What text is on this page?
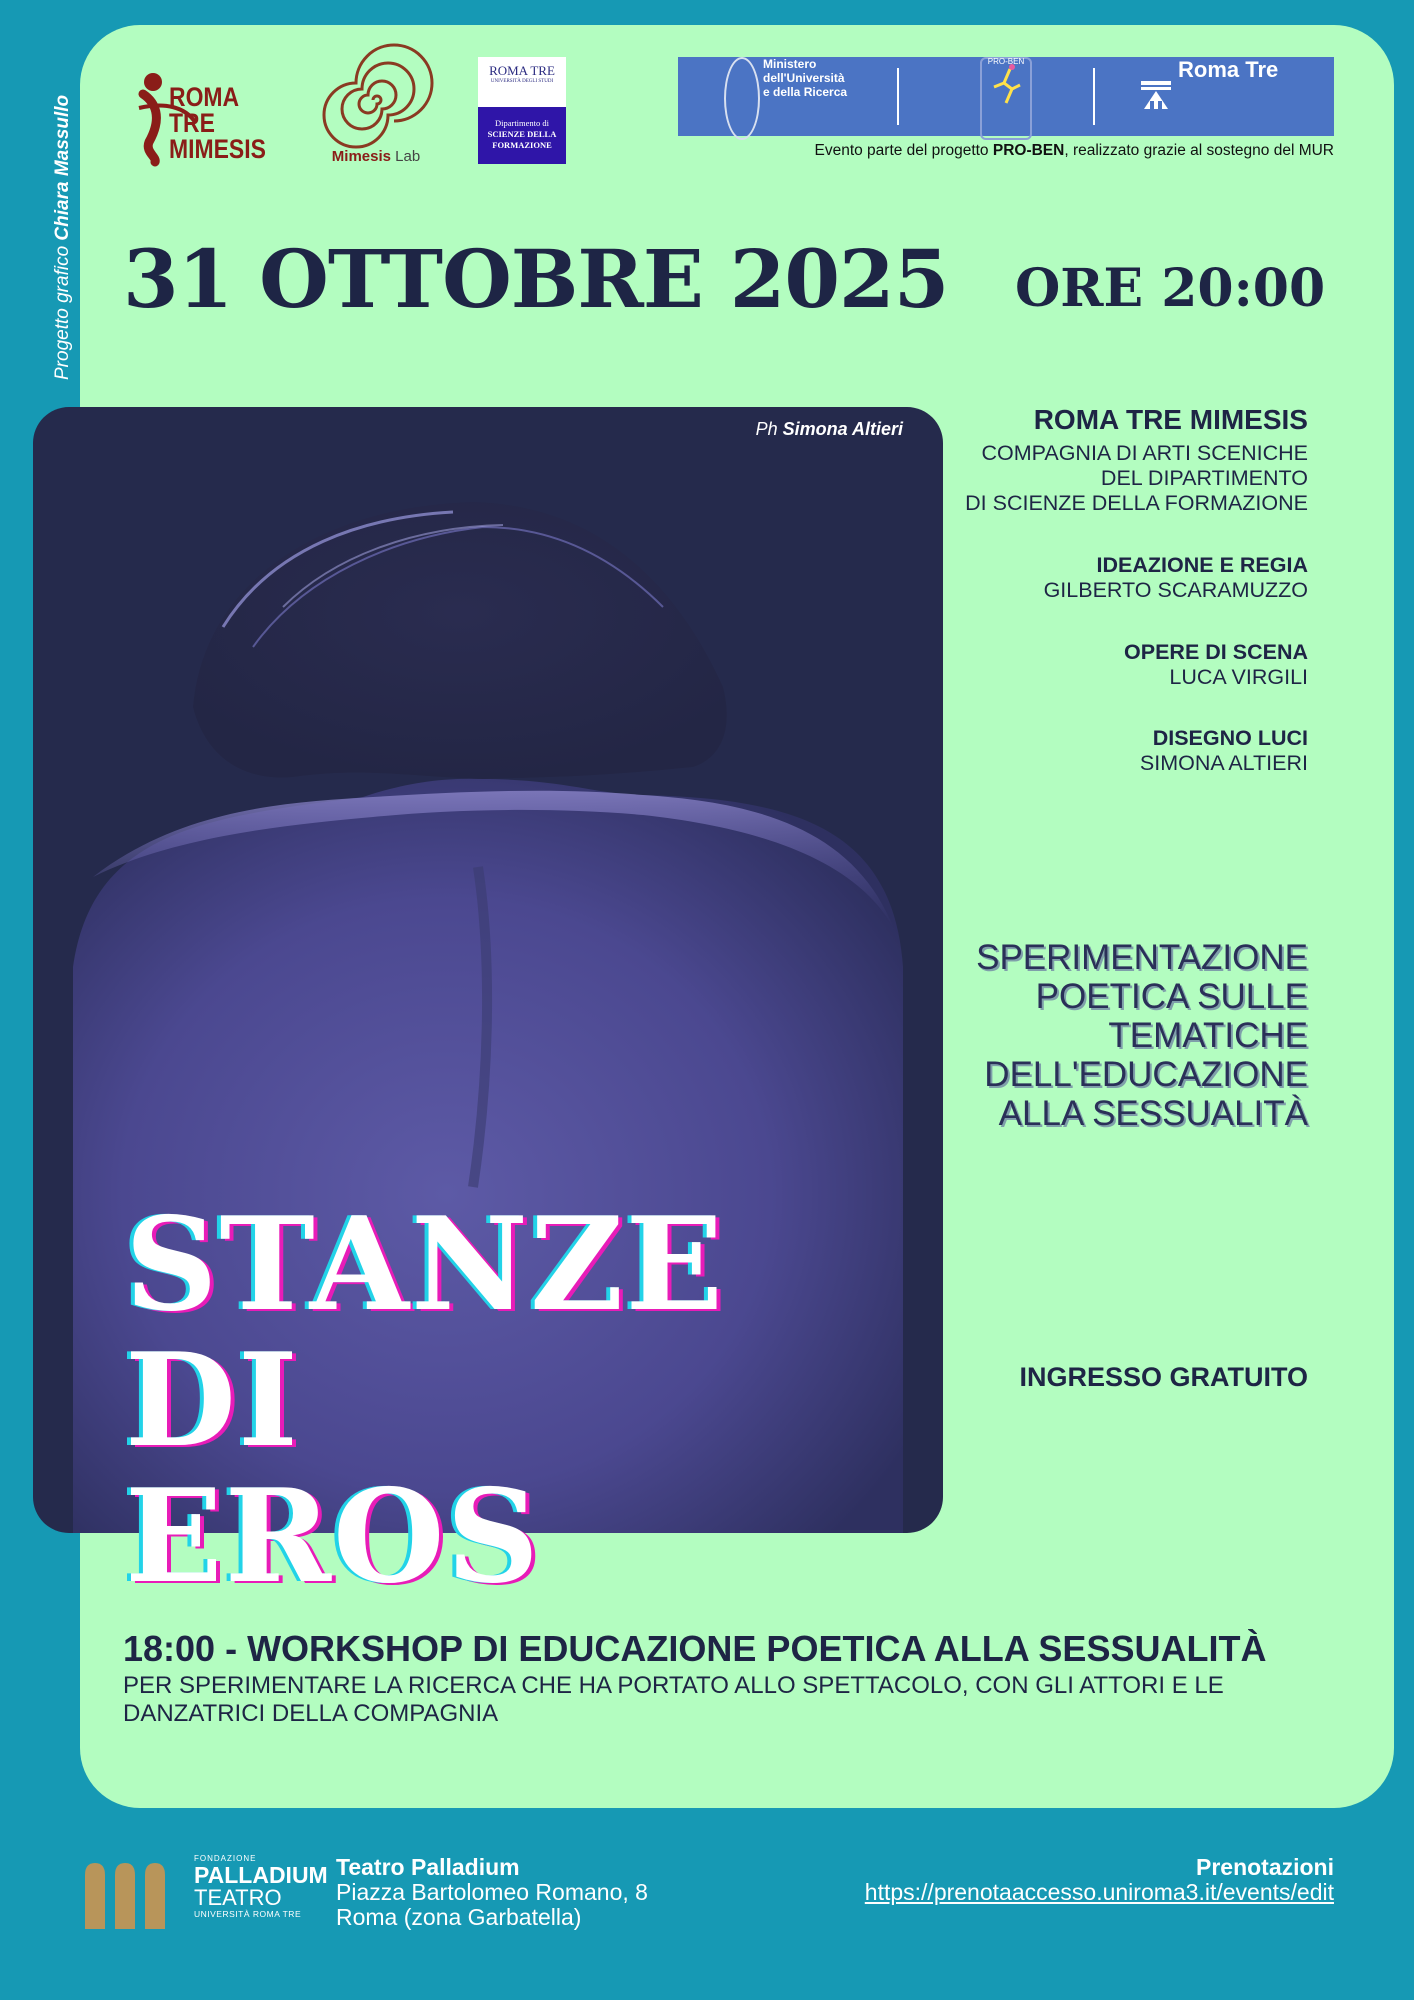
Progetto grafico Chiara Massullo	ROMA TRE
MIMESIS	Mimesis Lab
ROMA TRE
UNIVERSITÀ DEGLI STUDI
Dipartimento di
SCIENZE DELLA FORMAZIONE
Ministero
dell'Università
e della Ricerca
PRO-BEN	Roma Tre
Evento parte del progetto PRO-BEN, realizzato grazie al sostegno del MUR
31 OTTOBRE 2025 ORE 20:00
Ph Simona Altieri
STANZE DI
EROS
ROMA TRE MIMESIS
COMPAGNIA DI ARTI SCENICHE
DEL DIPARTIMENTO
DI SCIENZE DELLA FORMAZIONE
IDEAZIONE E REGIA
GILBERTO SCARAMUZZO
OPERE DI SCENA
LUCA VIRGILI
DISEGNO LUCI
SIMONA ALTIERI
SPERIMENTAZIONE
POETICA SULLE
TEMATICHE
DELL'EDUCAZIONE
ALLA SESSUALITÀ
INGRESSO GRATUITO
18:00 - WORKSHOP DI EDUCAZIONE POETICA ALLA SESSUALITÀ
PER SPERIMENTARE LA RICERCA CHE HA PORTATO ALLO SPETTACOLO, CON GLI ATTORI E LE DANZATRICI DELLA COMPAGNIA
FONDAZIONE
PALLADIUM
TEATRO
UNIVERSITÀ ROMA TRE
Teatro Palladium
Piazza Bartolomeo Romano, 8
Roma (zona Garbatella)
Prenotazioni
https://prenotaaccesso.uniroma3.it/events/edit
